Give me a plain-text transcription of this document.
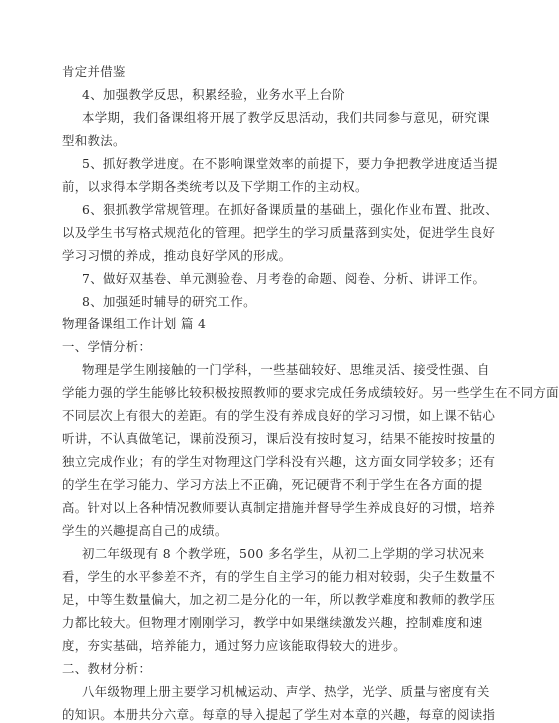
肯定并借鉴
4、加强教学反思，积累经验，业务水平上台阶
本学期，我们备课组将开展了教学反思活动，我们共同参与意见，研究课
型和教法。
5、抓好教学进度。在不影响课堂效率的前提下，要力争把教学进度适当提
前，以求得本学期各类统考以及下学期工作的主动权。
6、狠抓教学常规管理。在抓好备课质量的基础上，强化作业布置、批改、
以及学生书写格式规范化的管理。把学生的学习质量落到实处，促进学生良好
学习习惯的养成，推动良好学风的形成。
7、做好双基卷、单元测验卷、月考卷的命题、阅卷、分析、讲评工作。
8、加强延时辅导的研究工作。
物理备课组工作计划 篇 4
一、学情分析：
物理是学生刚接触的一门学科，一些基础较好、思维灵活、接受性强、自
学能力强的学生能够比较积极按照教师的要求完成任务成绩较好。另一些学生在不同方面
不同层次上有很大的差距。有的学生没有养成良好的学习习惯，如上课不钻心
听讲，不认真做笔记，课前没预习，课后没有按时复习，结果不能按时按量的
独立完成作业；有的学生对物理这门学科没有兴趣，这方面女同学较多；还有
的学生在学习能力、学习方法上不正确，死记硬背不利于学生在各方面的提
高。针对以上各种情况教师要认真制定措施并督导学生养成良好的习惯，培养
学生的兴趣提高自己的成绩。
初二年级现有 8 个教学班，500 多名学生，从初二上学期的学习状况来
看，学生的水平参差不齐，有的学生自主学习的能力相对较弱，尖子生数量不
足，中等生数量偏大，加之初二是分化的一年，所以教学难度和教师的教学压
力都比较大。但物理才刚刚学习，教学中如果继续激发兴趣，控制难度和速
度，夯实基础，培养能力，通过努力应该能取得较大的进步。
二、教材分析：
八年级物理上册主要学习机械运动、声学、热学，光学、质量与密度有关
的知识。本册共分六章。每章的导入提起了学生对本章的兴趣，每章的阅读指
